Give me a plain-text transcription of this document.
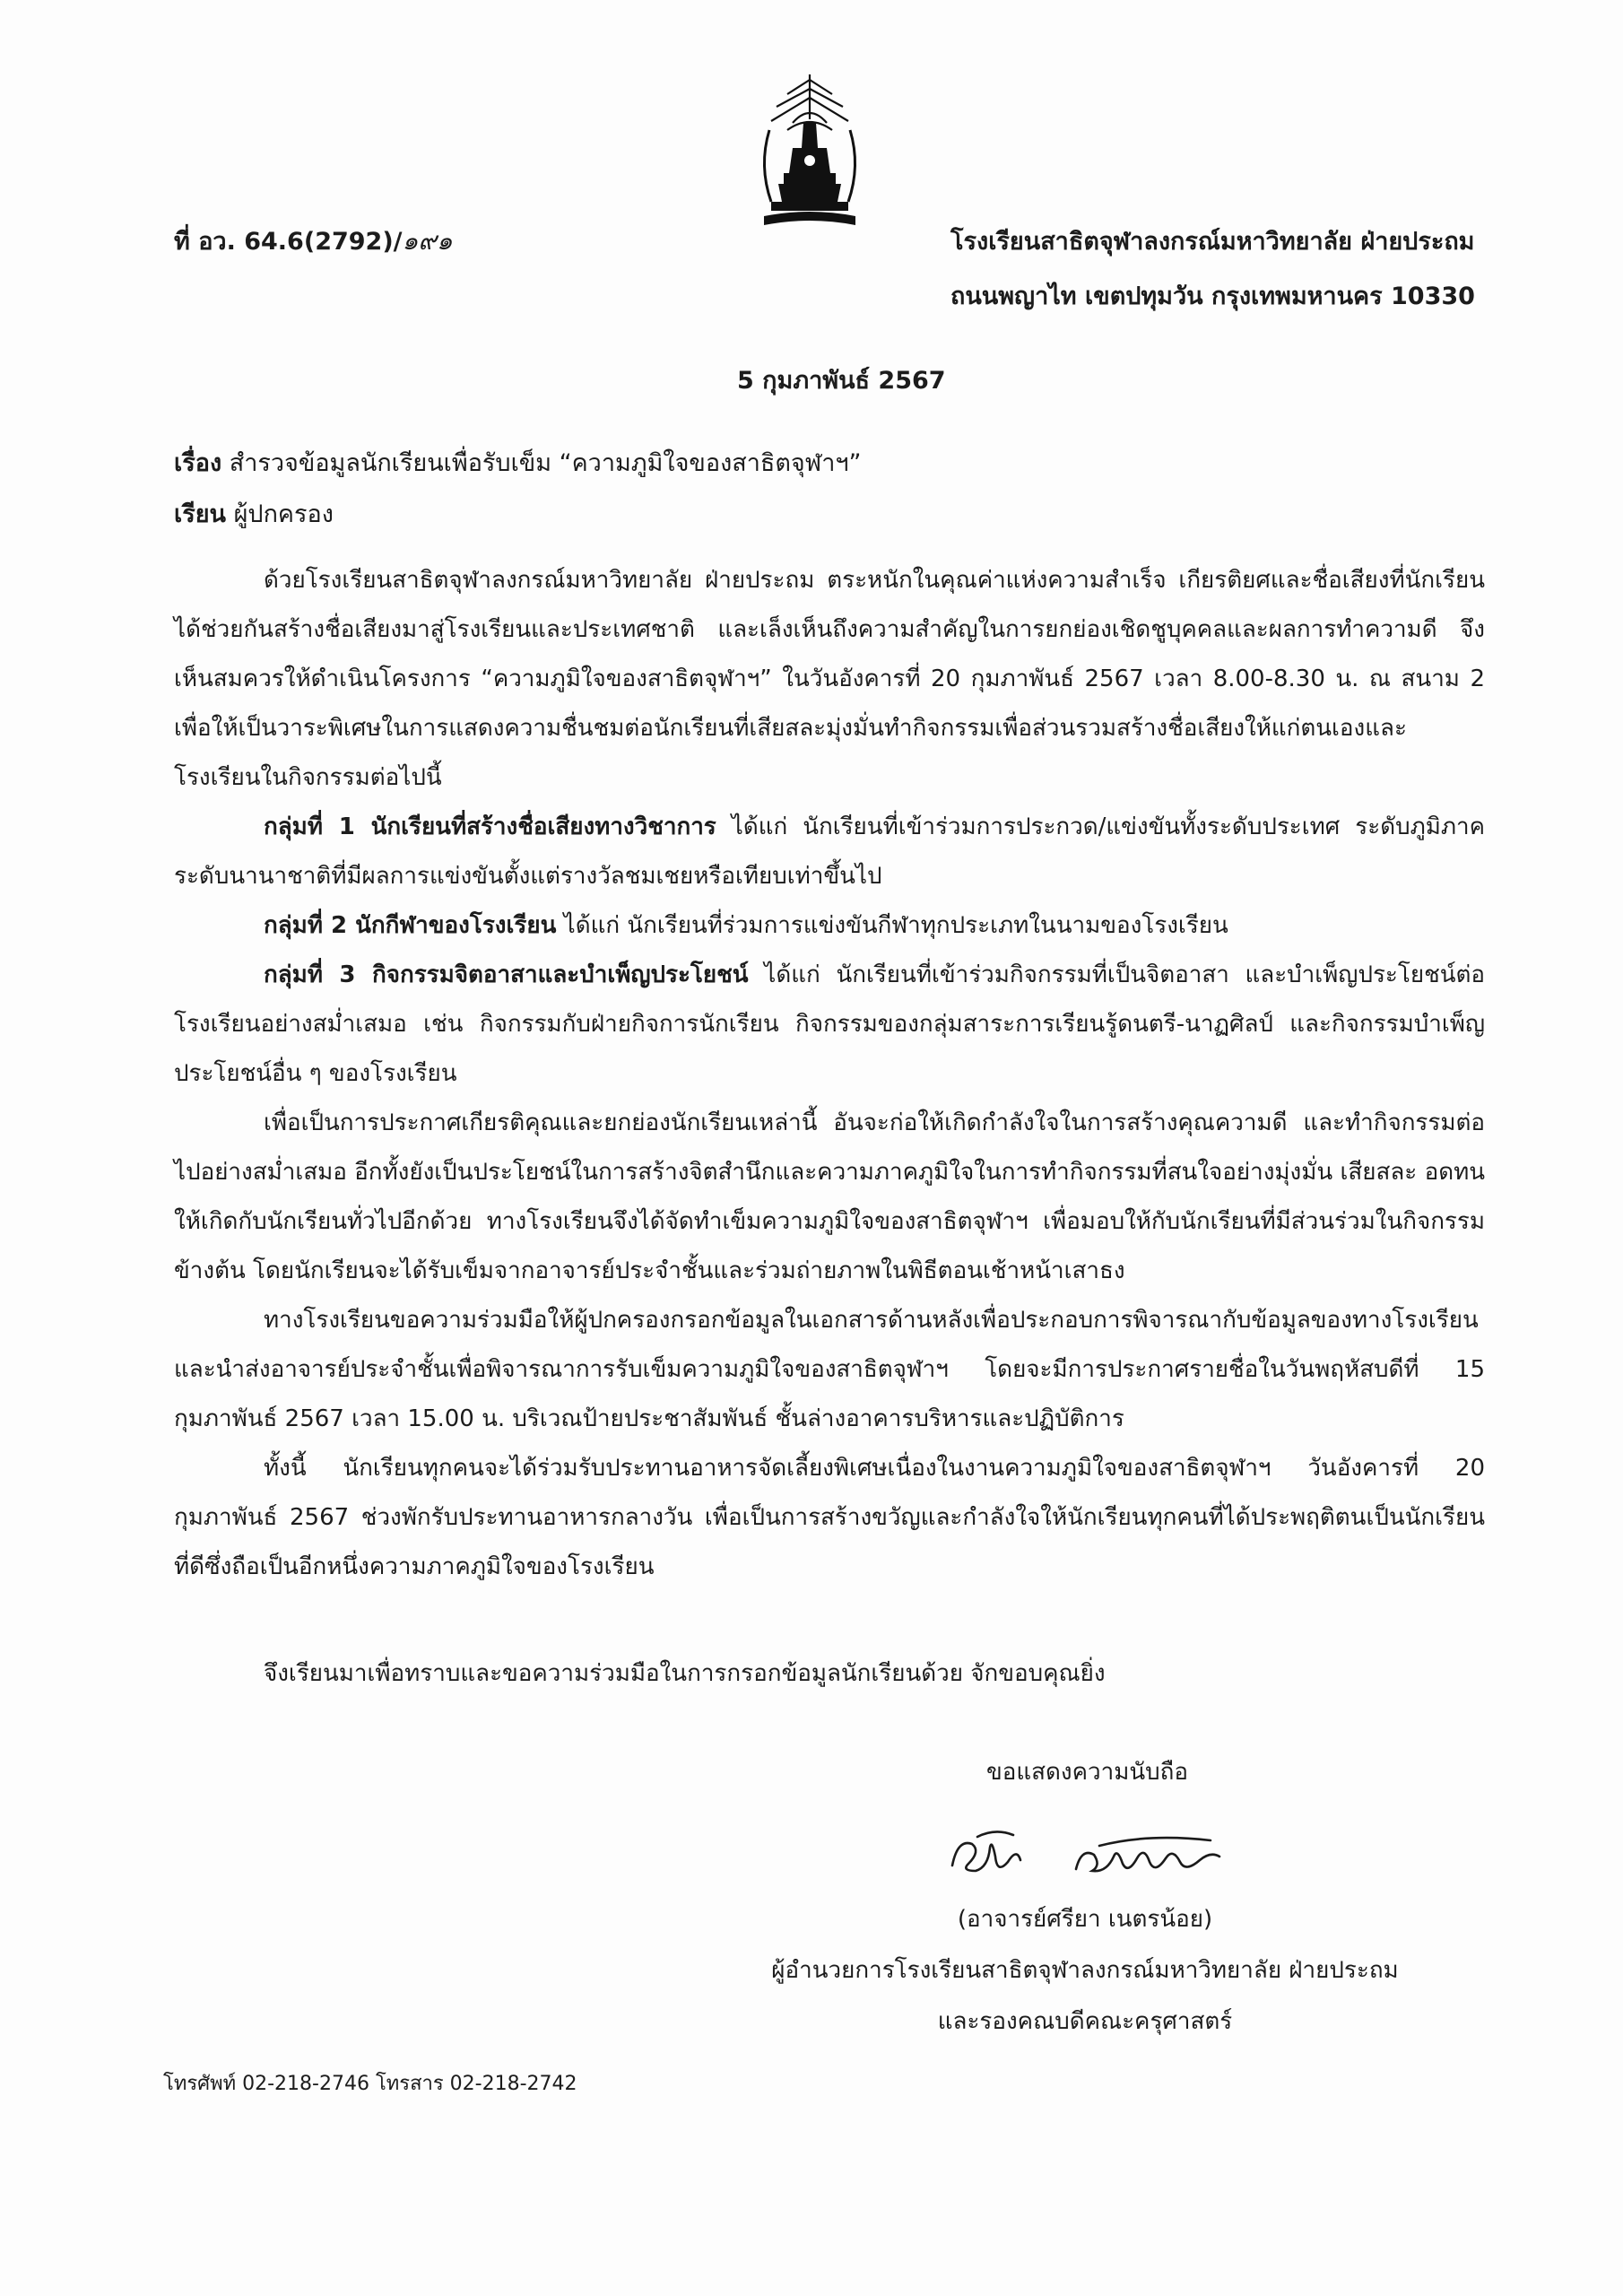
ที่ อว. 64.6(2792)/๑๙๑	โรงเรียนสาธิตจุฬาลงกรณ์มหาวิทยาลัย ฝ่ายประถม
ถนนพญาไท เขตปทุมวัน กรุงเทพมหานคร 10330
5 กุมภาพันธ์ 2567
เรื่อง สำรวจข้อมูลนักเรียนเพื่อรับเข็ม “ความภูมิใจของสาธิตจุฬาฯ”
เรียน ผู้ปกครอง

ด้วยโรงเรียนสาธิตจุฬาลงกรณ์มหาวิทยาลัย ฝ่ายประถม ตระหนักในคุณค่าแห่งความสำเร็จ เกียรติยศและชื่อเสียงที่นักเรียนได้ช่วยกันสร้างชื่อเสียงมาสู่โรงเรียนและประเทศชาติ และเล็งเห็นถึงความสำคัญในการยกย่องเชิดชูบุคคลและผลการทำความดี จึงเห็นสมควรให้ดำเนินโครงการ “ความภูมิใจของสาธิตจุฬาฯ” ในวันอังคารที่ 20 กุมภาพันธ์ 2567 เวลา 8.00-8.30 น. ณ สนาม 2 เพื่อให้เป็นวาระพิเศษในการแสดงความชื่นชมต่อนักเรียนที่เสียสละมุ่งมั่นทำกิจกรรมเพื่อส่วนรวมสร้างชื่อเสียงให้แก่ตนเองและโรงเรียนในกิจกรรมต่อไปนี้

กลุ่มที่ 1 นักเรียนที่สร้างชื่อเสียงทางวิชาการ ได้แก่ นักเรียนที่เข้าร่วมการประกวด/แข่งขันทั้งระดับประเทศ ระดับภูมิภาค ระดับนานาชาติที่มีผลการแข่งขันตั้งแต่รางวัลชมเชยหรือเทียบเท่าขึ้นไป

กลุ่มที่ 2 นักกีฬาของโรงเรียน ได้แก่ นักเรียนที่ร่วมการแข่งขันกีฬาทุกประเภทในนามของโรงเรียน

กลุ่มที่ 3 กิจกรรมจิตอาสาและบำเพ็ญประโยชน์ ได้แก่ นักเรียนที่เข้าร่วมกิจกรรมที่เป็นจิตอาสา และบำเพ็ญประโยชน์ต่อโรงเรียนอย่างสม่ำเสมอ เช่น กิจกรรมกับฝ่ายกิจการนักเรียน กิจกรรมของกลุ่มสาระการเรียนรู้ดนตรี-นาฏศิลป์ และกิจกรรมบำเพ็ญประโยชน์อื่น ๆ ของโรงเรียน

เพื่อเป็นการประกาศเกียรติคุณและยกย่องนักเรียนเหล่านี้ อันจะก่อให้เกิดกำลังใจในการสร้างคุณความดี และทำกิจกรรมต่อไปอย่างสม่ำเสมอ อีกทั้งยังเป็นประโยชน์ในการสร้างจิตสำนึกและความภาคภูมิใจในการทำกิจกรรมที่สนใจอย่างมุ่งมั่น เสียสละ อดทนให้เกิดกับนักเรียนทั่วไปอีกด้วย ทางโรงเรียนจึงได้จัดทำเข็มความภูมิใจของสาธิตจุฬาฯ เพื่อมอบให้กับนักเรียนที่มีส่วนร่วมในกิจกรรมข้างต้น โดยนักเรียนจะได้รับเข็มจากอาจารย์ประจำชั้นและร่วมถ่ายภาพในพิธีตอนเช้าหน้าเสาธง

ทางโรงเรียนขอความร่วมมือให้ผู้ปกครองกรอกข้อมูลในเอกสารด้านหลังเพื่อประกอบการพิจารณากับข้อมูลของทางโรงเรียนและนำส่งอาจารย์ประจำชั้นเพื่อพิจารณาการรับเข็มความภูมิใจของสาธิตจุฬาฯ โดยจะมีการประกาศรายชื่อในวันพฤหัสบดีที่ 15 กุมภาพันธ์ 2567 เวลา 15.00 น. บริเวณป้ายประชาสัมพันธ์ ชั้นล่างอาคารบริหารและปฏิบัติการ

ทั้งนี้ นักเรียนทุกคนจะได้ร่วมรับประทานอาหารจัดเลี้ยงพิเศษเนื่องในงานความภูมิใจของสาธิตจุฬาฯ วันอังคารที่ 20 กุมภาพันธ์ 2567 ช่วงพักรับประทานอาหารกลางวัน เพื่อเป็นการสร้างขวัญและกำลังใจให้นักเรียนทุกคนที่ได้ประพฤติตนเป็นนักเรียนที่ดีซึ่งถือเป็นอีกหนึ่งความภาคภูมิใจของโรงเรียน

จึงเรียนมาเพื่อทราบและขอความร่วมมือในการกรอกข้อมูลนักเรียนด้วย จักขอบคุณยิ่ง
ขอแสดงความนับถือ
(อาจารย์ศรียา เนตรน้อย)
ผู้อำนวยการโรงเรียนสาธิตจุฬาลงกรณ์มหาวิทยาลัย ฝ่ายประถม
และรองคณบดีคณะครุศาสตร์
โทรศัพท์ 02-218-2746 โทรสาร 02-218-2742
